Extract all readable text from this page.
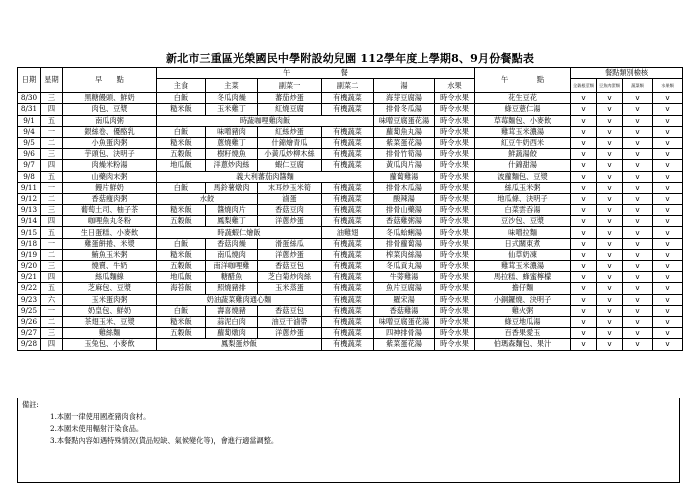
新北市三重區光榮國民中學附設幼兒園 112學年度上學期8、9月份餐點表
日期	星期	早　　點	午　　　　　　　餐						午　　　　點	餐點類別檢核			
			主食	主菜	副菜一	副菜二	湯	水果		全穀根莖類	豆魚肉蛋類	蔬菜類	水果類

8/30	三	黑糖饅頭、鮮奶	白飯	冬瓜肉燥	蕃茄炒蛋	有機蔬菜	海芽豆腐湯	時令水果	花生豆花	v	v	v	v
8/31	四	肉包、豆漿	糙米飯	玉米雞丁	紅燒豆腐	有機蔬菜	排骨冬瓜湯	時令水果	綠豆薏仁湯	v	v	v	v
9/1	五	南瓜肉粥	時蔬咖哩雞肉飯				味噌豆腐蛋花湯	時令水果	草莓麵包、小麥飲	v	v	v	v
9/4	一	銀絲卷、優酪乳	白飯	味噌豬肉	紅絲炒蛋	有機蔬菜	蘿蔔魚丸湯	時令水果	雞茸玉米濃湯	v	v	v	v
9/5	二	小魚蛋肉粥	糙米飯	蔥燒雞丁	什錦燴青瓜	有機蔬菜	紫菜蛋花湯	時令水果	紅豆牛奶西米	v	v	v	v
9/6	三	芋頭包、決明子	五穀飯	樹籽燒魚	小黃瓜炒柳木絲	有機蔬菜	排骨竹筍湯	時令水果	鮮蔬湯餃	v	v	v	v
9/7	四	肉燥米粉湯	地瓜飯	洋蔥炒肉絲	蝦仁豆腐	有機蔬菜	黃瓜肉片湯	時令水果	什錦甜湯	v	v	v	v
9/8	五	山藥肉末粥	義大利蕃茄肉醬麵				蘿蔔雞湯	時令水果	波蘿麵包、豆漿	v	v	v	v
9/11	一	饅片鮮奶	白飯	馬鈴薯燉肉	末耳炒玉米筍	有機蔬菜	排骨木瓜湯	時令水果	絲瓜玉米粥	v	v	v	v
9/12	二	香菇瘦肉粥	水餃		滷蛋	有機蔬菜	酸辣湯	時令水果	地瓜條、決明子	v	v	v	v
9/13	三	葡萄土司、柚子茶	糙米飯	醬燒肉片	香菇豆肉	有機蔬菜	排骨山藥湯	時令水果	白菜雲吞湯	v	v	v	v
9/14	四	咖哩魚丸冬粉	五穀飯	鳳梨雞丁	洋蔥炒蛋	有機蔬菜	香菇雞粥湯	時令水果	豆沙包、豆漿	v	v	v	v
9/15	五	生日蛋糕、小麥飲	時蔬蝦仁燴飯			油雞翅	冬瓜蛤蜊湯	時令水果	味噌拉麵	v	v	v	v
9/18	一	雞蛋餅捲、米漿	白飯	香菇肉燥	滑蛋絲瓜	有機蔬菜	排骨蘿蔔湯	時令水果	日式關東煮	v	v	v	v
9/19	二	鮪魚玉米粥	糙米飯	南瓜燒肉	洋蔥炒蛋	有機蔬菜	榨菜肉絲湯	時令水果	仙草奶凍	v	v	v	v
9/20	三	燒賣、牛奶	五穀飯	南洋咖哩雞	香菇豆包	有機蔬菜	冬瓜貢丸湯	時令水果	雞茸玉米濃湯	v	v	v	v
9/21	四	絲瓜麵線	地瓜飯	糖醋魚	芝白菊炒肉絲	有機蔬菜	牛蒡雞湯	時令水果	馬拉糕、蜂蜜檸檬	v	v	v	v
9/22	五	芝麻包、豆漿	海苔飯	照燒豬排	玉米蒸蛋	有機蔬菜	魚片豆腐湯	時令水果	擔仔麵	v	v	v	v
9/23	六	玉米蛋肉粥	奶油蔬菜雞肉通心麵			有機蔬菜	羅宋湯	時令水果	小銅鑼燒、決明子	v	v	v	v
9/25	一	奶皇包、鮮奶	白飯	壽喜燒豬	香菇豆包	有機蔬菜	香菇雞湯	時令水果	雞火粥	v	v	v	v
9/26	二	茶翅玉米、豆漿	糙米飯	蒜泥白肉	油豆干滷帶	有機蔬菜	味噌豆腐蛋花湯	時令水果	綠豆地瓜湯	v	v	v	v
9/27	三	雞絲麵	五穀飯	蘿蔔燉肉	洋蔥炒蛋	有機蔬菜	四神排骨湯	時令水果	百香果愛玉	v	v	v	v
9/28	四	玉兔包、小麥飲	鳳梨蛋炒飯			有機蔬菜	紫菜蛋花湯	時令水果	伯瑪森麵包、果汁	v	v	v	v
備註:
1.本園一律使用國產豬肉食材。
2.本園未使用輻射汙染食品。
3.本餐點內容如遇特殊情況(貨品短缺、氣候變化等)，會進行適當調整。
